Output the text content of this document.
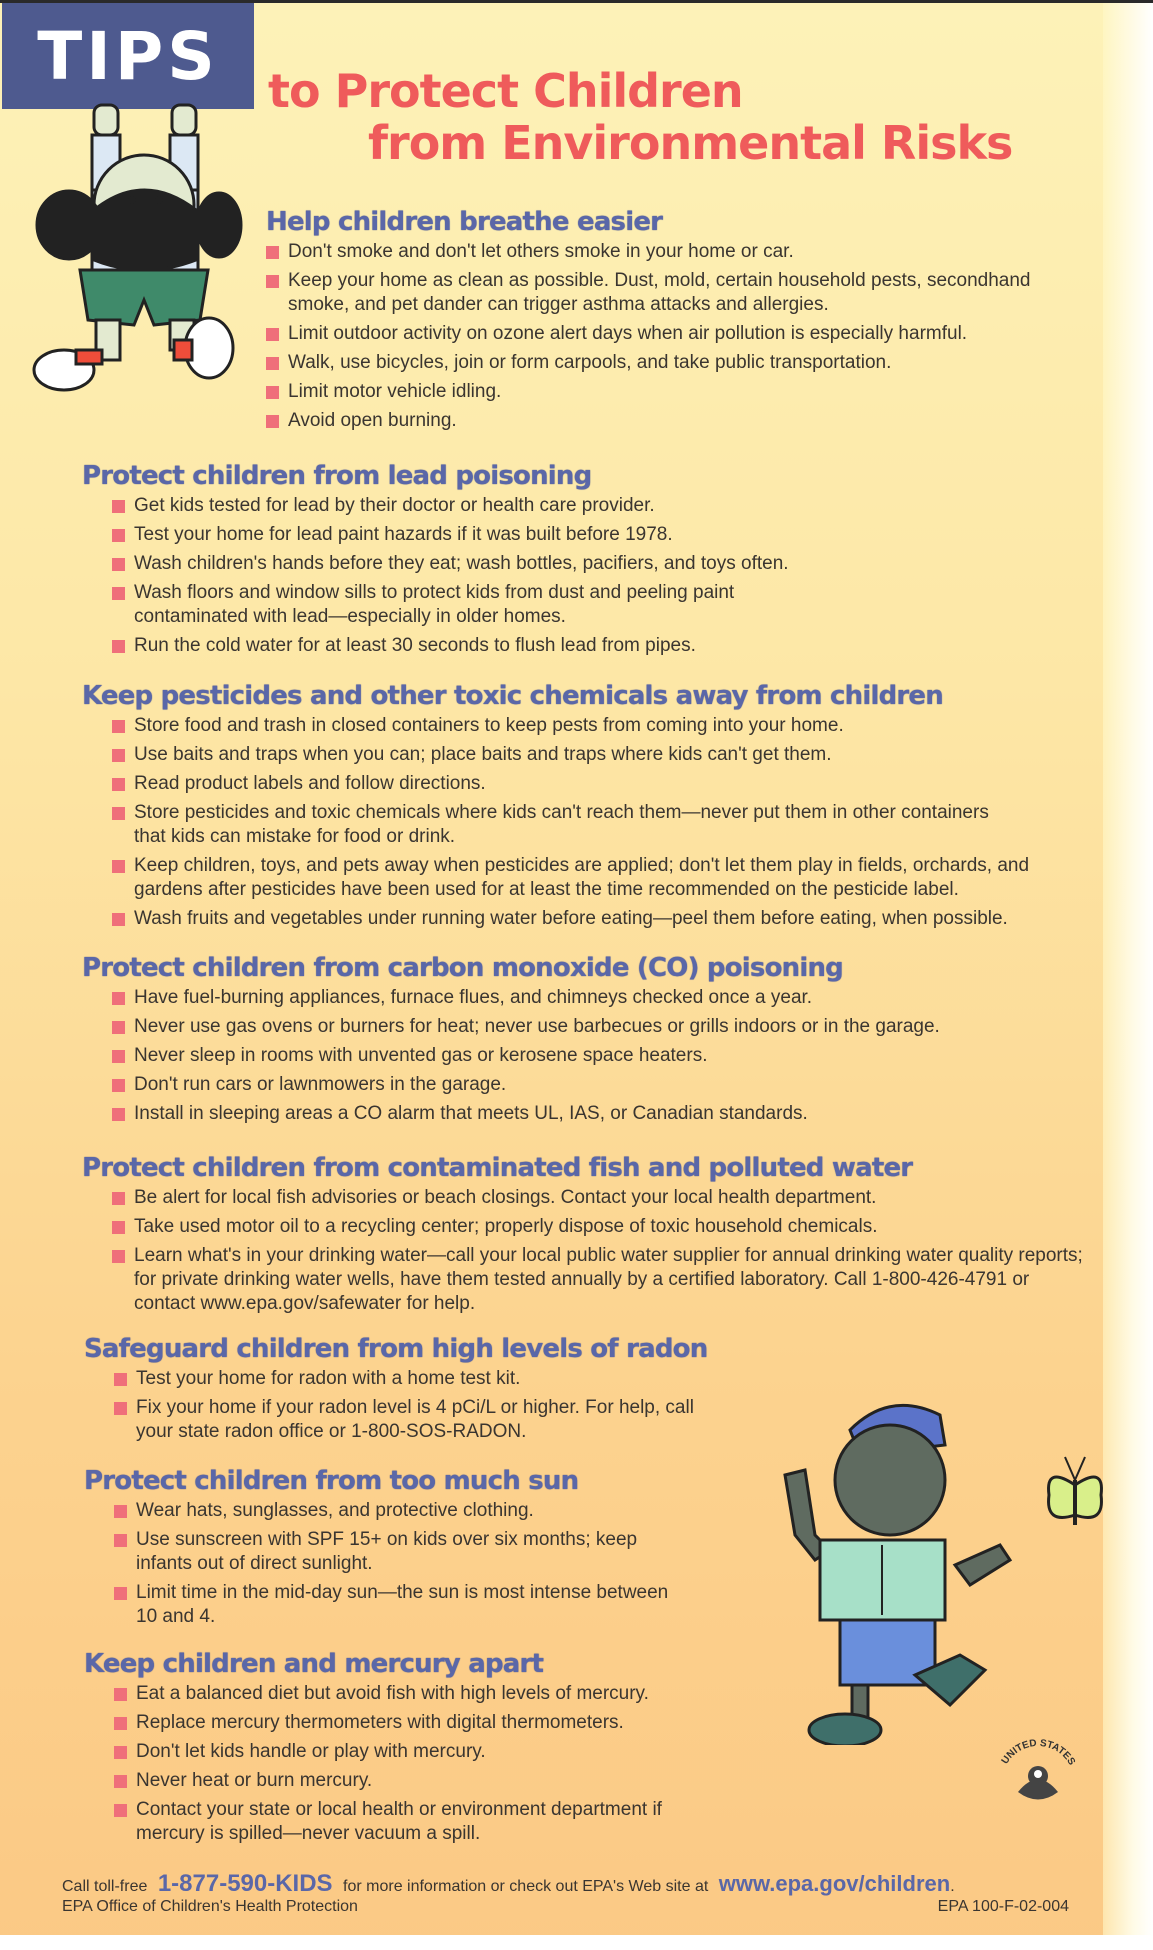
TIPS to Protect Children
from Environmental Risks
Help children breathe easier
Don't smoke and don't let others smoke in your home or car.
Keep your home as clean as possible. Dust, mold, certain household pests, secondhand smoke, and pet dander can trigger asthma attacks and allergies.
Limit outdoor activity on ozone alert days when air pollution is especially harmful.
Walk, use bicycles, join or form carpools, and take public transportation.
Limit motor vehicle idling.
Avoid open burning.
Protect children from lead poisoning
Get kids tested for lead by their doctor or health care provider.
Test your home for lead paint hazards if it was built before 1978.
Wash children's hands before they eat; wash bottles, pacifiers, and toys often.
Wash floors and window sills to protect kids from dust and peeling paint contaminated with lead—especially in older homes.
Run the cold water for at least 30 seconds to flush lead from pipes.
Keep pesticides and other toxic chemicals away from children
Store food and trash in closed containers to keep pests from coming into your home.
Use baits and traps when you can; place baits and traps where kids can't get them.
Read product labels and follow directions.
Store pesticides and toxic chemicals where kids can't reach them—never put them in other containers that kids can mistake for food or drink.
Keep children, toys, and pets away when pesticides are applied; don't let them play in fields, orchards, and gardens after pesticides have been used for at least the time recommended on the pesticide label.
Wash fruits and vegetables under running water before eating—peel them before eating, when possible.
Protect children from carbon monoxide (CO) poisoning
Have fuel-burning appliances, furnace flues, and chimneys checked once a year.
Never use gas ovens or burners for heat; never use barbecues or grills indoors or in the garage.
Never sleep in rooms with unvented gas or kerosene space heaters.
Don't run cars or lawnmowers in the garage.
Install in sleeping areas a CO alarm that meets UL, IAS, or Canadian standards.
Protect children from contaminated fish and polluted water
Be alert for local fish advisories or beach closings. Contact your local health department.
Take used motor oil to a recycling center; properly dispose of toxic household chemicals.
Learn what's in your drinking water—call your local public water supplier for annual drinking water quality reports; for private drinking water wells, have them tested annually by a certified laboratory. Call 1-800-426-4791 or contact www.epa.gov/safewater for help.
Safeguard children from high levels of radon
Test your home for radon with a home test kit.
Fix your home if your radon level is 4 pCi/L or higher. For help, call your state radon office or 1-800-SOS-RADON.
Protect children from too much sun
Wear hats, sunglasses, and protective clothing.
Use sunscreen with SPF 15+ on kids over six months; keep infants out of direct sunlight.
Limit time in the mid-day sun—the sun is most intense between 10 and 4.
Keep children and mercury apart
Eat a balanced diet but avoid fish with high levels of mercury.
Replace mercury thermometers with digital thermometers.
Don't let kids handle or play with mercury.
Never heat or burn mercury.
Contact your state or local health or environment department if mercury is spilled—never vacuum a spill.
UNITED STATES
Call toll-free 1-877-590-KIDS for more information or check out EPA's Web site at www.epa.gov/children.
EPA Office of Children's Health Protection	EPA 100-F-02-004
